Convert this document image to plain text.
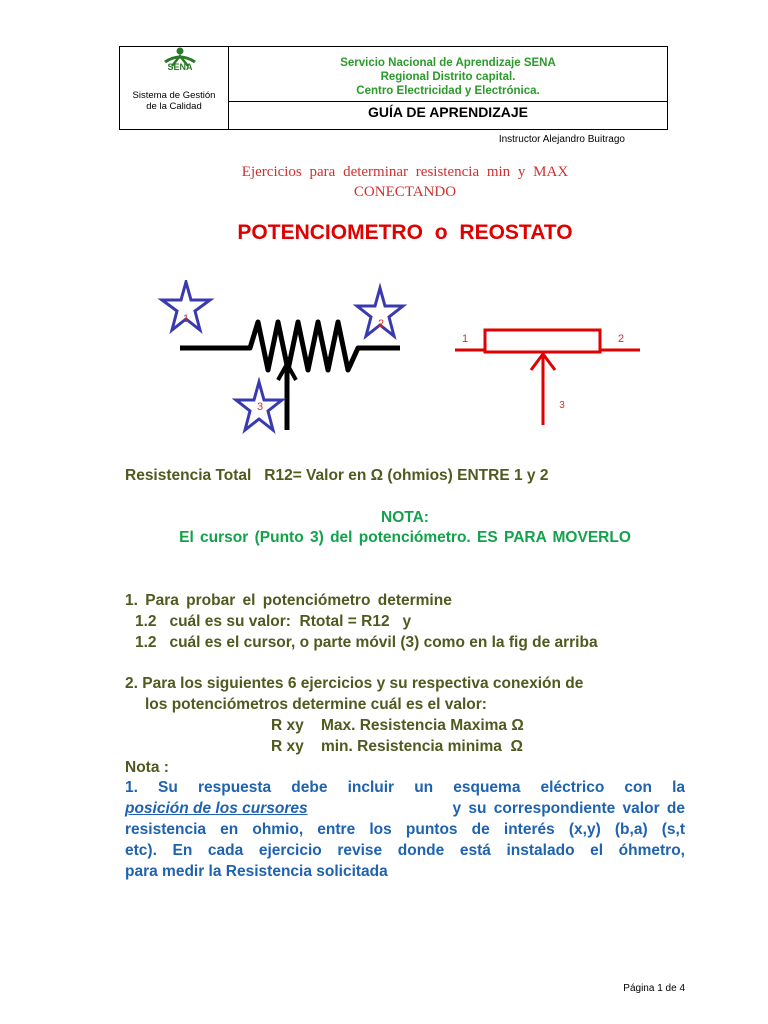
SENA
Sistema de Gestión
de la Calidad
Servicio Nacional de Aprendizaje SENA
Regional Distrito capital.
Centro Electricidad y Electrónica.
GUÍA DE APRENDIZAJE
Instructor Alejandro Buitrago
Ejercicios para determinar resistencia min y MAX
CONECTANDO
POTENCIOMETRO o REOSTATO
1	2
3
1	2
3
Resistencia Total   R12= Valor en Ω (ohmios) ENTRE 1 y 2
NOTA:
El cursor (Punto 3) del potenciómetro. ES PARA MOVERLO
1. Para probar el potenciómetro determine
1.2   cuál es su valor:  Rtotal = R12   y
1.2   cuál es el cursor, o parte móvil (3) como en la fig de arriba
2. Para los siguientes 6 ejercicios y su respectiva conexión de
los potenciómetros determine cuál es el valor:
R xy    Max. Resistencia Maxima Ω
R xy    min. Resistencia minima  Ω
Nota :
1. Su respuesta debe incluir un esquema eléctrico con la
posición de los cursores	y su correspondiente valor de
resistencia en ohmio, entre los puntos de interés (x,y) (b,a) (s,t
etc). En cada ejercicio revise donde está instalado el óhmetro,
para medir la Resistencia solicitada
Página 1 de 4
